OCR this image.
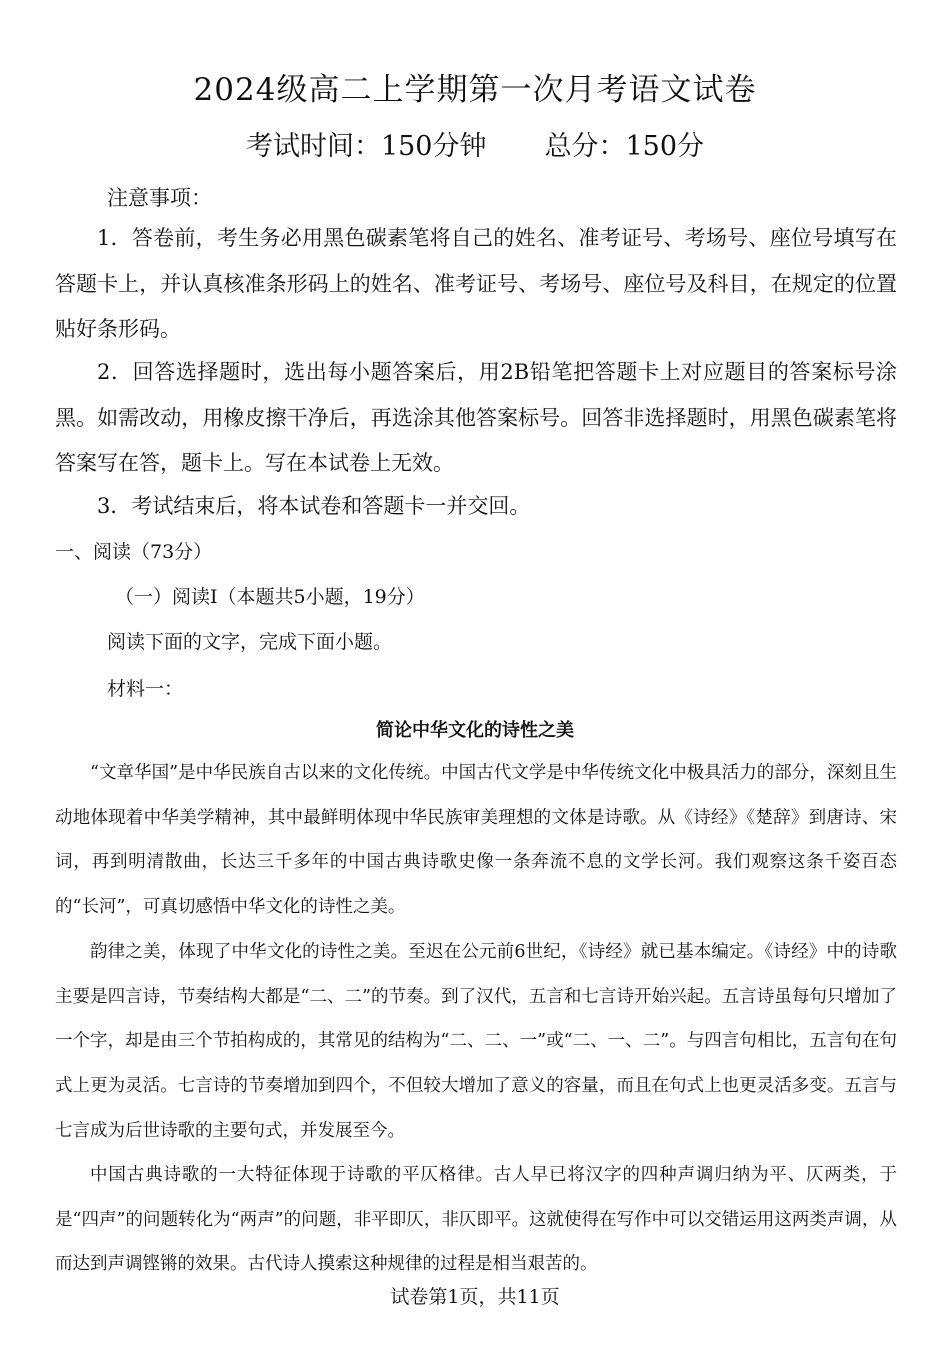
2024级高二上学期第一次月考语文试卷
考试时间：150分钟 总分：150分
注意事项：
1．答卷前，考生务必用黑色碳素笔将自己的姓名、准考证号、考场号、座位号填写在答题卡上，并认真核准条形码上的姓名、准考证号、考场号、座位号及科目，在规定的位置贴好条形码。
2．回答选择题时，选出每小题答案后，用2B铅笔把答题卡上对应题目的答案标号涂黑。如需改动，用橡皮擦干净后，再选涂其他答案标号。回答非选择题时，用黑色碳素笔将答案写在答，题卡上。写在本试卷上无效。
3．考试结束后，将本试卷和答题卡一并交回。
一、阅读（73分）
（一）阅读Ⅰ（本题共5小题，19分）
阅读下面的文字，完成下面小题。
材料一：
简论中华文化的诗性之美
“文章华国”是中华民族自古以来的文化传统。中国古代文学是中华传统文化中极具活力的部分，深刻且生动地体现着中华美学精神，其中最鲜明体现中华民族审美理想的文体是诗歌。从《诗经》《楚辞》到唐诗、宋词，再到明清散曲，长达三千多年的中国古典诗歌史像一条奔流不息的文学长河。我们观察这条千姿百态的“长河”，可真切感悟中华文化的诗性之美。
韵律之美，体现了中华文化的诗性之美。至迟在公元前6世纪，《诗经》就已基本编定。《诗经》中的诗歌主要是四言诗，节奏结构大都是“二、二”的节奏。到了汉代，五言和七言诗开始兴起。五言诗虽每句只增加了一个字，却是由三个节拍构成的，其常见的结构为“二、二、一”或“二、一、二”。与四言句相比，五言句在句式上更为灵活。七言诗的节奏增加到四个，不但较大增加了意义的容量，而且在句式上也更灵活多变。五言与七言成为后世诗歌的主要句式，并发展至今。
中国古典诗歌的一大特征体现于诗歌的平仄格律。古人早已将汉字的四种声调归纳为平、仄两类，于是“四声”的问题转化为“两声”的问题，非平即仄，非仄即平。这就使得在写作中可以交错运用这两类声调，从而达到声调铿锵的效果。古代诗人摸索这种规律的过程是相当艰苦的。
试卷第1页，共11页
